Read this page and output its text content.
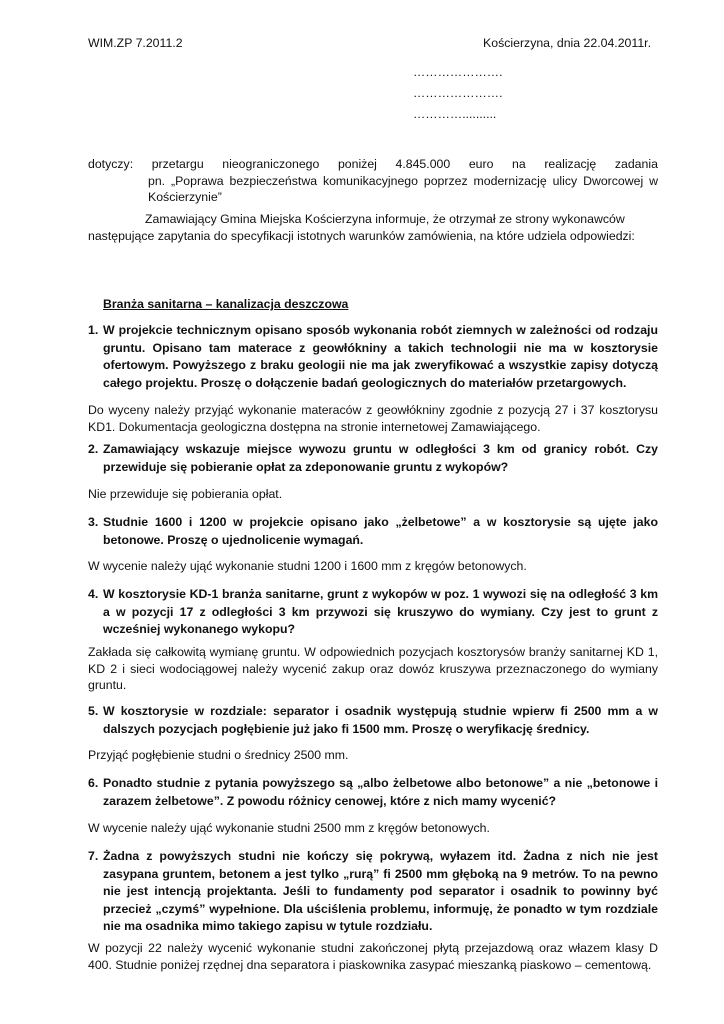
WIM.ZP 7.2011.2	Kościerzyna, dnia 22.04.2011r.
………………….
………………….
…………..........
dotyczy: przetargu nieograniczonego poniżej 4.845.000 euro na realizację zadania
pn. „Poprawa bezpieczeństwa komunikacyjnego poprzez modernizację ulicy Dworcowej w Kościerzynie”
Zamawiający Gmina Miejska Kościerzyna informuje, że otrzymał ze strony wykonawców
następujące zapytania do specyfikacji istotnych warunków zamówienia, na które udziela odpowiedzi:
Branża sanitarna – kanalizacja deszczowa
1. W projekcie technicznym opisano sposób wykonania robót ziemnych w zależności od rodzaju gruntu. Opisano tam materace z geowłókniny a takich technologii nie ma w kosztorysie ofertowym. Powyższego z braku geologii nie ma jak zweryfikować a wszystkie zapisy dotyczą całego projektu. Proszę o dołączenie badań geologicznych do materiałów przetargowych.
Do wyceny należy przyjąć wykonanie materaców z geowłókniny zgodnie z pozycją 27 i 37 kosztorysu KD1. Dokumentacja geologiczna dostępna na stronie internetowej Zamawiającego.
2. Zamawiający wskazuje miejsce wywozu gruntu w odległości 3 km od granicy robót. Czy przewiduje się pobieranie opłat za zdeponowanie gruntu z wykopów?
Nie przewiduje się pobierania opłat.
3. Studnie 1600 i 1200 w projekcie opisano jako „żelbetowe” a w kosztorysie są ujęte jako betonowe. Proszę o ujednolicenie wymagań.
W wycenie należy ująć wykonanie studni 1200 i 1600 mm z kręgów betonowych.
4. W kosztorysie KD-1 branża sanitarne, grunt z wykopów w poz. 1 wywozi się na odległość 3 km a w pozycji 17 z odległości 3 km przywozi się kruszywo do wymiany. Czy jest to grunt z wcześniej wykonanego wykopu?
Zakłada się całkowitą wymianę gruntu. W odpowiednich pozycjach kosztorysów branży sanitarnej KD 1, KD 2 i sieci wodociągowej należy wycenić zakup oraz dowóz kruszywa przeznaczonego do wymiany gruntu.
5. W kosztorysie w rozdziale: separator i osadnik występują studnie wpierw fi 2500 mm a w dalszych pozycjach pogłębienie już jako fi 1500 mm. Proszę o weryfikację średnicy.
Przyjąć pogłębienie studni o średnicy 2500 mm.
6. Ponadto studnie z pytania powyższego są „albo żelbetowe albo betonowe” a nie „betonowe i zarazem żelbetowe”. Z powodu różnicy cenowej, które z nich mamy wycenić?
W wycenie należy ująć wykonanie studni 2500 mm z kręgów betonowych.
7. Żadna z powyższych studni nie kończy się pokrywą, wyłazem itd. Żadna z nich nie jest zasypana gruntem, betonem a jest tylko „rurą” fi 2500 mm głęboką na 9 metrów. To na pewno nie jest intencją projektanta. Jeśli to fundamenty pod separator i osadnik to powinny być przecież „czymś” wypełnione. Dla uściślenia problemu, informuję, że ponadto w tym rozdziale nie ma osadnika mimo takiego zapisu w tytule rozdziału.
W pozycji 22 należy wycenić wykonanie studni zakończonej płytą przejazdową oraz włazem klasy D 400. Studnie poniżej rzędnej dna separatora i piaskownika zasypać mieszanką piaskowo – cementową.
